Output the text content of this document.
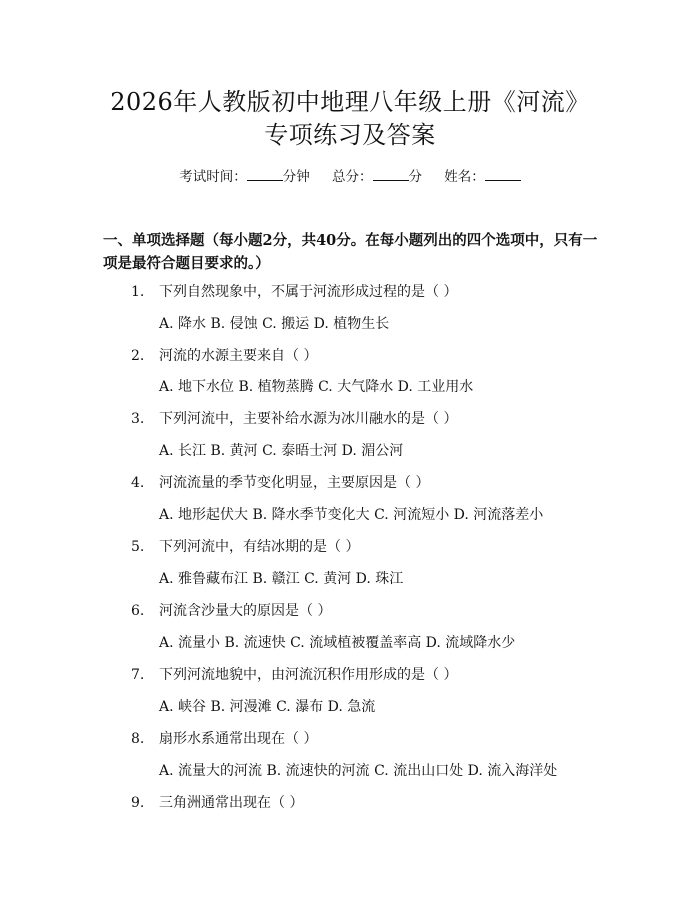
2026年人教版初中地理八年级上册《河流》
专项练习及答案
考试时间：	分钟 总分：	分 姓名：
一、单项选择题（每小题2分，共40分。在每小题列出的四个选项中，只有一项是最符合题目要求的。）
1. 下列自然现象中，不属于河流形成过程的是（ ）
A. 降水 B. 侵蚀 C. 搬运 D. 植物生长
2. 河流的水源主要来自（ ）
A. 地下水位 B. 植物蒸腾 C. 大气降水 D. 工业用水
3. 下列河流中，主要补给水源为冰川融水的是（ ）
A. 长江 B. 黄河 C. 泰晤士河 D. 湄公河
4. 河流流量的季节变化明显，主要原因是（ ）
A. 地形起伏大 B. 降水季节变化大 C. 河流短小 D. 河流落差小
5. 下列河流中，有结冰期的是（ ）
A. 雅鲁藏布江 B. 赣江 C. 黄河 D. 珠江
6. 河流含沙量大的原因是（ ）
A. 流量小 B. 流速快 C. 流域植被覆盖率高 D. 流域降水少
7. 下列河流地貌中，由河流沉积作用形成的是（ ）
A. 峡谷 B. 河漫滩 C. 瀑布 D. 急流
8. 扇形水系通常出现在（ ）
A. 流量大的河流 B. 流速快的河流 C. 流出山口处 D. 流入海洋处
9. 三角洲通常出现在（ ）
